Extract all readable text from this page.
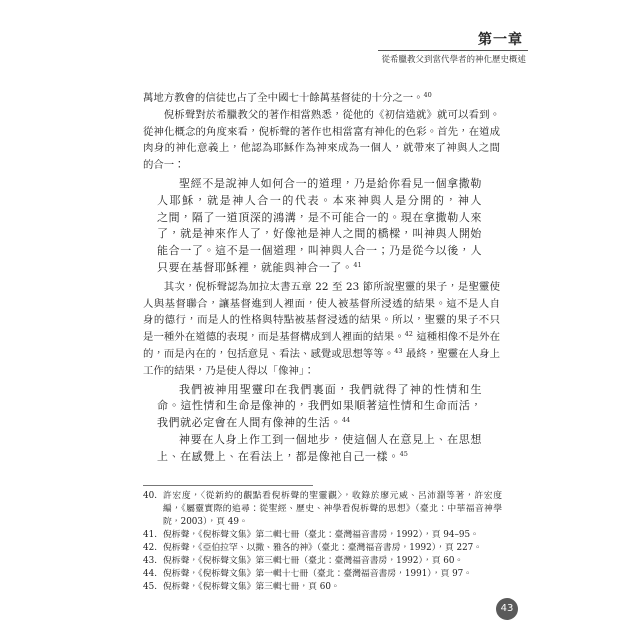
第一章
從希臘教父到當代學者的神化歷史概述
萬地方教會的信徒也占了全中國七十餘萬基督徒的十分之一。$^{40}$
倪柝聲對於希臘教父的著作相當熟悉，從他的《初信造就》就可以看到。
從神化概念的角度來看，倪柝聲的著作也相當富有神化的色彩。首先，在道成
肉身的神化意義上，他認為耶穌作為神來成為一個人，就帶來了神與人之間
的合一：
聖經不是說神人如何合一的道理，乃是給你看見一個拿撒勒
人耶穌，就是神人合一的代表。本來神與人是分開的，神人
之間，隔了一道頂深的鴻溝，是不可能合一的。現在拿撒勒人來
了，就是神來作人了，好像祂是神人之間的橋樑，叫神與人開始
能合一了。這不是一個道理，叫神與人合一；乃是從今以後，人
只要在基督耶穌裡，就能與神合一了。$^{41}$
其次，倪柝聲認為加拉太書五章 22 至 23 節所說聖靈的果子，是聖靈使
人與基督聯合，讓基督進到人裡面，使人被基督所浸透的結果。這不是人自
身的德行，而是人的性格與特點被基督浸透的結果。所以，聖靈的果子不只
是一種外在道德的表現，而是基督構成到人裡面的結果。$^{42}$ 這種相像不是外在
的，而是內在的，包括意見、看法、感覺或思想等等。$^{43}$ 最終，聖靈在人身上
工作的結果，乃是使人得以「像神」：
我們被神用聖靈印在我們裏面，我們就得了神的性情和生
命。這性情和生命是像神的，我們如果順著這性情和生命而活，
我們就必定會在人間有像神的生活。$^{44}$
神要在人身上作工到一個地步，使這個人在意見上、在思想
上、在感覺上、在看法上，都是像祂自己一樣。$^{45}$
40. 許宏度，〈從新約的觀點看倪柝聲的聖靈觀〉，收錄於廖元威、呂沛淵等著，許宏度
編，《屬靈實際的追尋：從聖經、歷史、神學看倪柝聲的思想》（臺北：中華福音神學
院，2003），頁 49。
41. 倪柝聲，《倪柝聲文集》第二輯七冊（臺北：臺灣福音書房，1992），頁 94–95。
42. 倪柝聲，《亞伯拉罕、以撒、雅各的神》（臺北：臺灣福音書房，1992），頁 227。
43. 倪柝聲，《倪柝聲文集》第三輯七冊（臺北：臺灣福音書房，1992），頁 60。
44. 倪柝聲，《倪柝聲文集》第一輯十七冊（臺北：臺灣福音書房，1991），頁 97。
45. 倪柝聲，《倪柝聲文集》第三輯七冊，頁 60。
43
